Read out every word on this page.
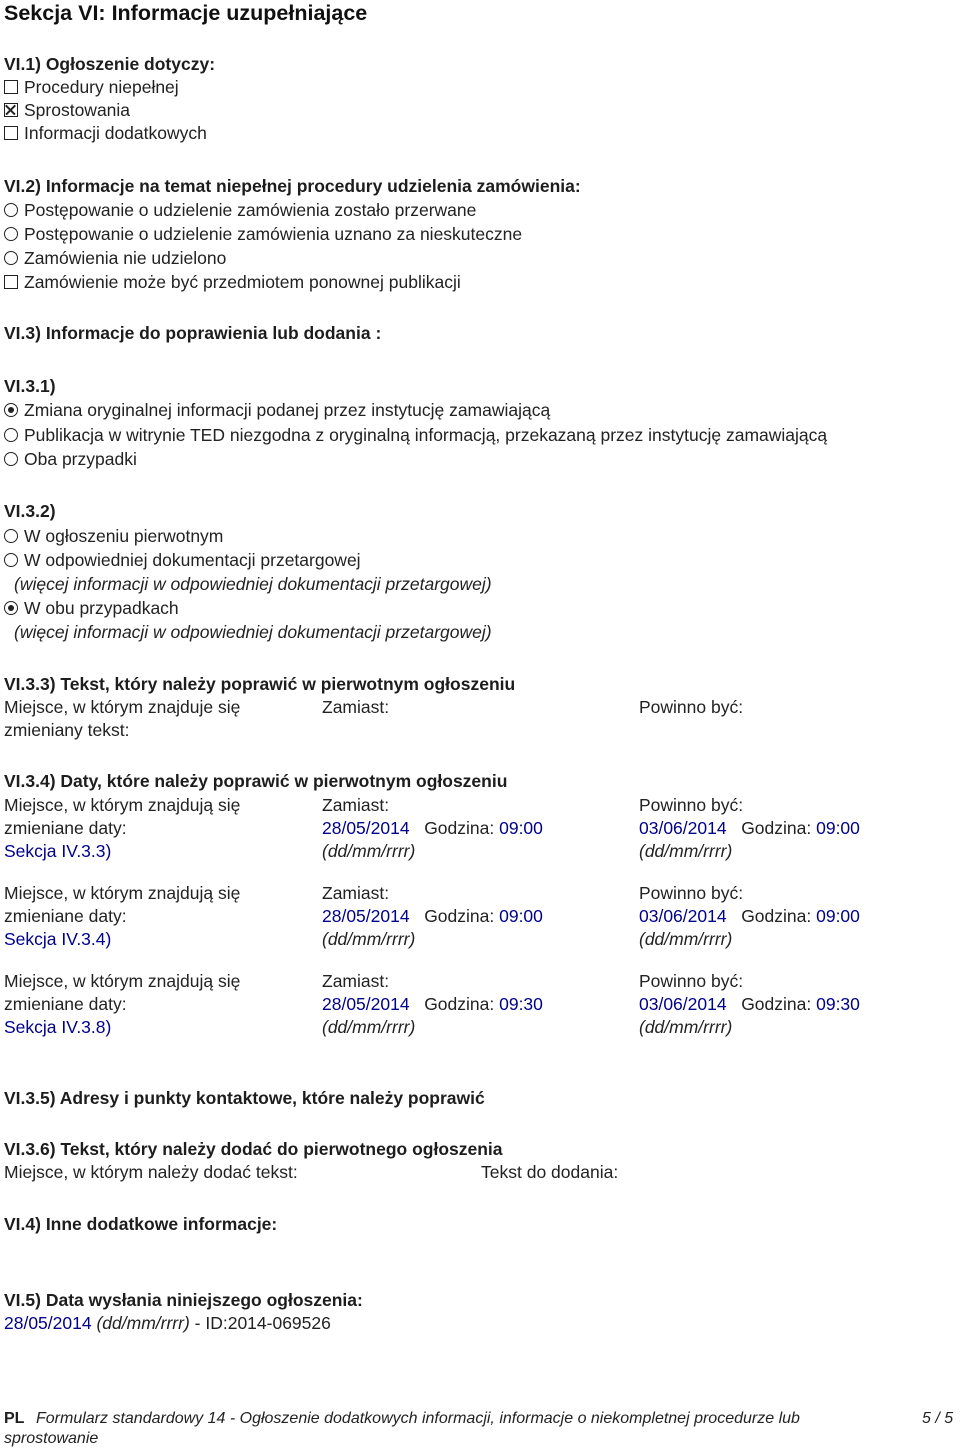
Sekcja VI: Informacje uzupełniające
VI.1) Ogłoszenie dotyczy:
Procedury niepełnej
Sprostowania
Informacji dodatkowych
VI.2) Informacje na temat niepełnej procedury udzielenia zamówienia:
Postępowanie o udzielenie zamówienia zostało przerwane
Postępowanie o udzielenie zamówienia uznano za nieskuteczne
Zamówienia nie udzielono
Zamówienie może być przedmiotem ponownej publikacji
VI.3) Informacje do poprawienia lub dodania :
VI.3.1)
Zmiana oryginalnej informacji podanej przez instytucję zamawiającą
Publikacja w witrynie TED niezgodna z oryginalną informacją, przekazaną przez instytucję zamawiającą
Oba przypadki
VI.3.2)
W ogłoszeniu pierwotnym
W odpowiedniej dokumentacji przetargowej
(więcej informacji w odpowiedniej dokumentacji przetargowej)
W obu przypadkach
(więcej informacji w odpowiedniej dokumentacji przetargowej)
VI.3.3) Tekst, który należy poprawić w pierwotnym ogłoszeniu
Miejsce, w którym znajduje się
zmieniany tekst:
Zamiast:	Powinno być:
VI.3.4) Daty, które należy poprawić w pierwotnym ogłoszeniu
Miejsce, w którym znajdują się
zmieniane daty:
Sekcja IV.3.3)
Zamiast:
28/05/2014 Godzina: 09:00
(dd/mm/rrrr)
Powinno być:
03/06/2014 Godzina: 09:00
(dd/mm/rrrr)
Miejsce, w którym znajdują się
zmieniane daty:
Sekcja IV.3.4)
Zamiast:
28/05/2014 Godzina: 09:00
(dd/mm/rrrr)
Powinno być:
03/06/2014 Godzina: 09:00
(dd/mm/rrrr)
Miejsce, w którym znajdują się
zmieniane daty:
Sekcja IV.3.8)
Zamiast:
28/05/2014 Godzina: 09:30
(dd/mm/rrrr)
Powinno być:
03/06/2014 Godzina: 09:30
(dd/mm/rrrr)
VI.3.5) Adresy i punkty kontaktowe, które należy poprawić
VI.3.6) Tekst, który należy dodać do pierwotnego ogłoszenia
Miejsce, w którym należy dodać tekst:	Tekst do dodania:
VI.4) Inne dodatkowe informacje:
VI.5) Data wysłania niniejszego ogłoszenia:
28/05/2014 (dd/mm/rrrr) - ID:2014-069526
PL Formularz standardowy 14 - Ogłoszenie dodatkowych informacji, informacje o niekompletnej procedurze lub
sprostowanie
5 / 5
